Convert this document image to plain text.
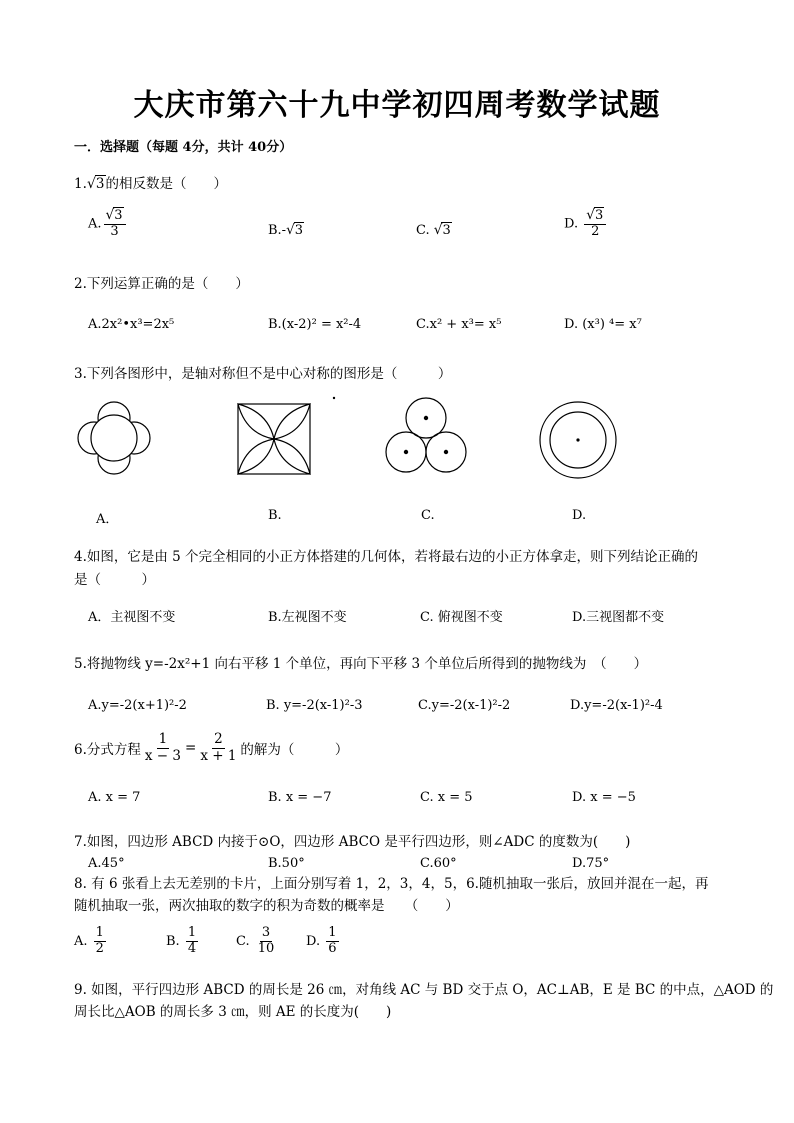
大庆市第六十九中学初四周考数学试题
一．选择题（每题 4分，共计 40分）
1.√3的相反数是（　　）
A. $\frac{√3}{3}$	B.-√3	C. √3	D. $\frac{√3}{2}$
2.下列运算正确的是（　　）
A.2x²•x³=2x⁵	B.(x-2)² = x²-4	C.x² + x³= x⁵	D. (x³) ⁴= x⁷
3.下列各图形中，是轴对称但不是中心对称的图形是（　　　）
A．	B.	C.	D.
4.如图，它是由 5 个完全相同的小正方体搭建的几何体，若将最右边的小正方体拿走，则下列结论正确的
是（　　　）
A．主视图不变	B.左视图不变	C. 俯视图不变	D.三视图都不变
5.将抛物线 y=-2x²+1 向右平移 1 个单位，再向下平移 3 个单位后所得到的抛物线为　（　　）
A.y=-2(x+1)²-2	B. y=-2(x-1)²-3	C.y=-2(x-1)²-2	D.y=-2(x-1)²-4
6.分式方程 $\frac{1}{x - 3} = \frac{2}{x + 1}$ 的解为（　　　）
A. x = 7	B. x = −7	C. x = 5	D. x = −5
7.如图，四边形 ABCD 内接于⊙O，四边形 ABCO 是平行四边形，则∠ADC 的度数为(　　)
A.45°	B.50°	C.60°	D.75°
8. 有 6 张看上去无差别的卡片，上面分别写着 1，2，3，4，5，6.随机抽取一张后，放回并混在一起，再
随机抽取一张，两次抽取的数字的积为奇数的概率是　　（　　）
A. $\frac{1}{2}$	B. $\frac{1}{4}$	C. $\frac{3}{10} D$. $\frac{1}{6}$
9. 如图，平行四边形 ABCD 的周长是 26 ㎝，对角线 AC 与 BD 交于点 O，AC⊥AB，E 是 BC 的中点，△AOD 的
周长比△AOB 的周长多 3 ㎝，则 AE 的长度为(　　)
